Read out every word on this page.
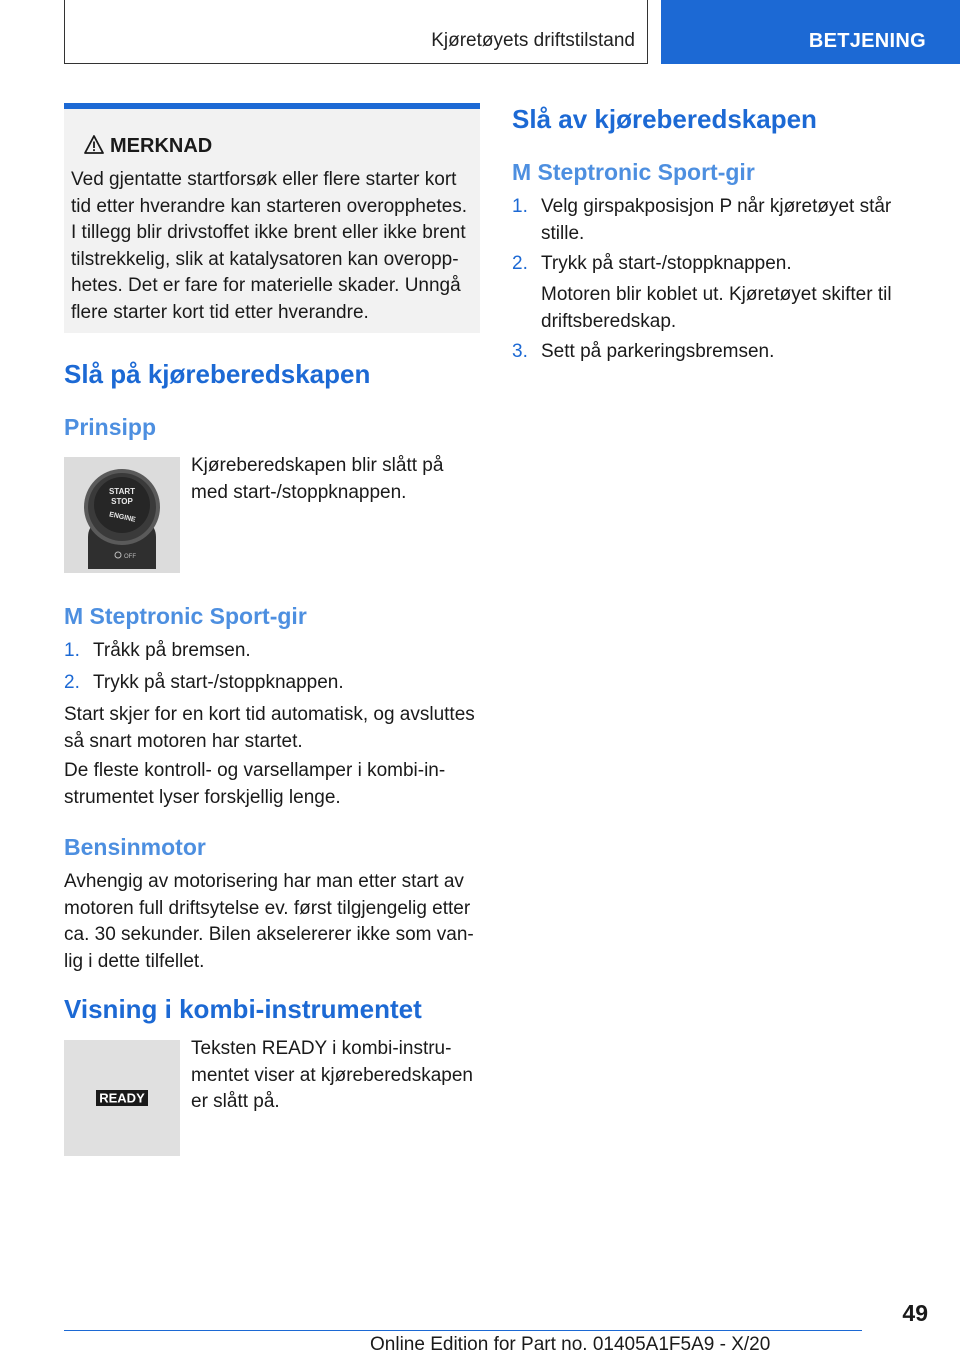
Kjøretøyets driftstilstand	BETJENING
MERKNAD
Ved gjentatte startforsøk eller flere starter kort
tid etter hverandre kan starteren overopphetes.
I tillegg blir drivstoffet ikke brent eller ikke brent
tilstrekkelig, slik at katalysatoren kan overopp-
hetes. Det er fare for materielle skader. Unngå
flere starter kort tid etter hverandre.
Slå på kjøreberedskapen
Prinsipp
START
STOP
ENGINE
OFF
Kjøreberedskapen blir slått på
med start-/stoppknappen.
M Steptronic Sport-gir
1. Tråkk på bremsen.
2. Trykk på start-/stoppknappen.
Start skjer for en kort tid automatisk, og avsluttes
så snart motoren har startet.
De fleste kontroll- og varsellamper i kombi-in-
strumentet lyser forskjellig lenge.
Bensinmotor
Avhengig av motorisering har man etter start av
motoren full driftsytelse ev. først tilgjengelig etter
ca. 30 sekunder. Bilen akselererer ikke som van-
lig i dette tilfellet.
Visning i kombi-instrumentet
READY
Teksten READY i kombi-instru-
mentet viser at kjøreberedskapen
er slått på.
Slå av kjøreberedskapen
M Steptronic Sport-gir
1. Velg girspakposisjon P når kjøretøyet står
stille.
2. Trykk på start-/stoppknappen.
Motoren blir koblet ut. Kjøretøyet skifter til
driftsberedskap.
3. Sett på parkeringsbremsen.
49
Online Edition for Part no. 01405A1F5A9 - X/20
